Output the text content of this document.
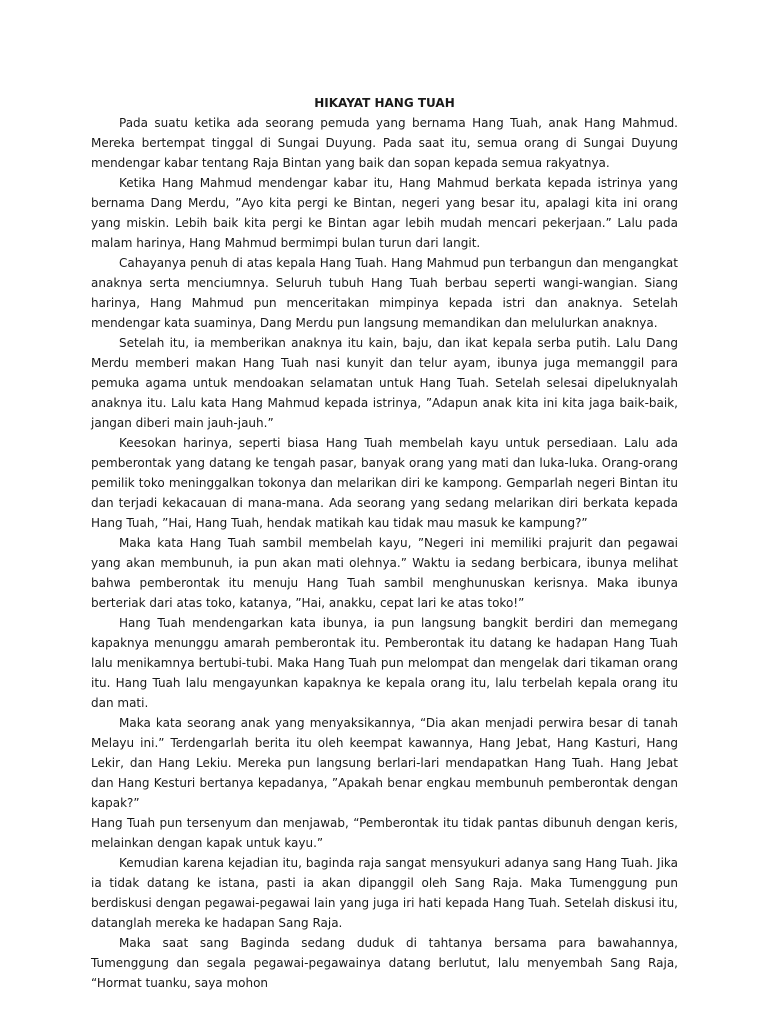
HIKAYAT HANG TUAH

Pada suatu ketika ada seorang pemuda yang bernama Hang Tuah, anak Hang Mahmud. Mereka bertempat tinggal di Sungai Duyung. Pada saat itu, semua orang di Sungai Duyung mendengar kabar tentang Raja Bintan yang baik dan sopan kepada semua rakyatnya.

Ketika Hang Mahmud mendengar kabar itu, Hang Mahmud berkata kepada istrinya yang bernama Dang Merdu, ”Ayo kita pergi ke Bintan, negeri yang besar itu, apalagi kita ini orang yang miskin. Lebih baik kita pergi ke Bintan agar lebih mudah mencari pekerjaan.” Lalu pada malam harinya, Hang Mahmud bermimpi bulan turun dari langit.

Cahayanya penuh di atas kepala Hang Tuah. Hang Mahmud pun terbangun dan mengangkat anaknya serta menciumnya. Seluruh tubuh Hang Tuah berbau seperti wangi-wangian. Siang harinya, Hang Mahmud pun menceritakan mimpinya kepada istri dan anaknya. Setelah mendengar kata suaminya, Dang Merdu pun langsung memandikan dan melulurkan anaknya.

Setelah itu, ia memberikan anaknya itu kain, baju, dan ikat kepala serba putih. Lalu Dang Merdu memberi makan Hang Tuah nasi kunyit dan telur ayam, ibunya juga memanggil para pemuka agama untuk mendoakan selamatan untuk Hang Tuah. Setelah selesai dipeluknyalah anaknya itu. Lalu kata Hang Mahmud kepada istrinya, ”Adapun anak kita ini kita jaga baik-baik, jangan diberi main jauh-jauh.”

Keesokan harinya, seperti biasa Hang Tuah membelah kayu untuk persediaan. Lalu ada pemberontak yang datang ke tengah pasar, banyak orang yang mati dan luka-luka. Orang-orang pemilik toko meninggalkan tokonya dan melarikan diri ke kampong. Gemparlah negeri Bintan itu dan terjadi kekacauan di mana-mana. Ada seorang yang sedang melarikan diri berkata kepada Hang Tuah, ”Hai, Hang Tuah, hendak matikah kau tidak mau masuk ke kampung?”

Maka kata Hang Tuah sambil membelah kayu, ”Negeri ini memiliki prajurit dan pegawai yang akan membunuh, ia pun akan mati olehnya.” Waktu ia sedang berbicara, ibunya melihat bahwa pemberontak itu menuju Hang Tuah sambil menghunuskan kerisnya. Maka ibunya berteriak dari atas toko, katanya, ”Hai, anakku, cepat lari ke atas toko!”

Hang Tuah mendengarkan kata ibunya, ia pun langsung bangkit berdiri dan memegang kapaknya menunggu amarah pemberontak itu. Pemberontak itu datang ke hadapan Hang Tuah lalu menikamnya bertubi-tubi. Maka Hang Tuah pun melompat dan mengelak dari tikaman orang itu. Hang Tuah lalu mengayunkan kapaknya ke kepala orang itu, lalu terbelah kepala orang itu dan mati.

Maka kata seorang anak yang menyaksikannya, “Dia akan menjadi perwira besar di tanah Melayu ini.” Terdengarlah berita itu oleh keempat kawannya, Hang Jebat, Hang Kasturi, Hang Lekir, dan Hang Lekiu. Mereka pun langsung berlari-lari mendapatkan Hang Tuah. Hang Jebat dan Hang Kesturi bertanya kepadanya, ”Apakah benar engkau membunuh pemberontak dengan kapak?”

Hang Tuah pun tersenyum dan menjawab, “Pemberontak itu tidak pantas dibunuh dengan keris, melainkan dengan kapak untuk kayu.”

Kemudian karena kejadian itu, baginda raja sangat mensyukuri adanya sang Hang Tuah. Jika ia tidak datang ke istana, pasti ia akan dipanggil oleh Sang Raja. Maka Tumenggung pun berdiskusi dengan pegawai-pegawai lain yang juga iri hati kepada Hang Tuah. Setelah diskusi itu, datanglah mereka ke hadapan Sang Raja.

Maka saat sang Baginda sedang duduk di tahtanya bersama para bawahannya, Tumenggung dan segala pegawai-pegawainya datang berlutut, lalu menyembah Sang Raja, “Hormat tuanku, saya mohon
